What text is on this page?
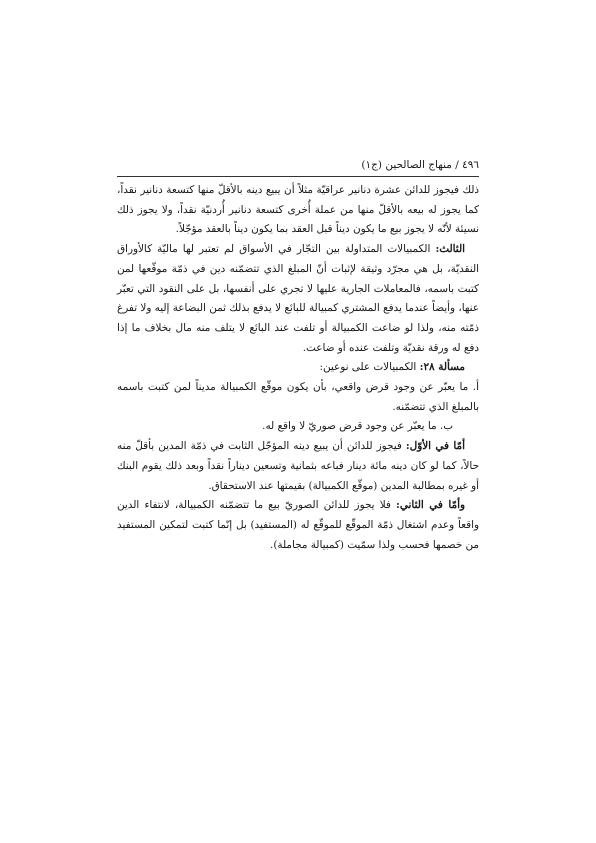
٤٩٦ / منهاج الصالحين (ج١)

ذلك فيجوز للدائن عشرة دنانير عراقيّة مثلاً أن يبيع دينه بالأقلّ منها كتسعة دنانير نقداً، كما يجوز له بيعه بالأقلّ منها من عملة أُخرى كتسعة دنانير أُردنيّة نقداً، ولا يجوز ذلك نسيئة لأنّه لا يجوز بيع ما يكون ديناً قبل العقد بما يكون ديناً بالعقد مؤجّلاً.

الثالث: الكمبيالات المتداولة بين التجّار في الأسواق لم تعتبر لها ماليّة كالأوراق النقديّة، بل هي مجرّد وثيقة لإثبات أنّ المبلغ الذي تتضمّنه دين في ذمّة موقّعها لمن كتبت باسمه، فالمعاملات الجارية عليها لا تجري على أنفسها، بل على النقود التي تعبّر عنها، وأيضاً عندما يدفع المشتري كمبيالة للبائع لا يدفع بذلك ثمن البضاعة إليه ولا تفرغ ذمّته منه، ولذا لو ضاعت الكمبيالة أو تلفت عند البائع لا يتلف منه مال بخلاف ما إذا دفع له ورقة نقديّة وتلفت عنده أو ضاعت.

مسألة ٢٨: الكمبيالات على نوعين:

أ. ما يعبّر عن وجود قرض واقعي، بأن يكون موقّع الكمبيالة مديناً لمن كتبت باسمه بالمبلغ الذي تتضمّنه.

ب. ما يعبّر عن وجود قرض صوريّ لا واقع له.

أمّا في الأوّل: فيجوز للدائن أن يبيع دينه المؤجّل الثابت في ذمّة المدين بأقلّ منه حالاً، كما لو كان دينه مائة دينار فباعه بثمانية وتسعين ديناراً نقداً وبعد ذلك يقوم البنك أو غيره بمطالبة المدين (موقّع الكمبيالة) بقيمتها عند الاستحقاق.

وأمّا في الثاني: فلا يجوز للدائن الصوريّ بيع ما تتضمّنه الكمبيالة، لانتفاء الدين واقعاً وعدم اشتغال ذمّة الموقّع للموقّع له (المستفيد) بل إنّما كتبت لتمكين المستفيد من خصمها فحسب ولذا سمّيت (كمبيالة مجاملة).
